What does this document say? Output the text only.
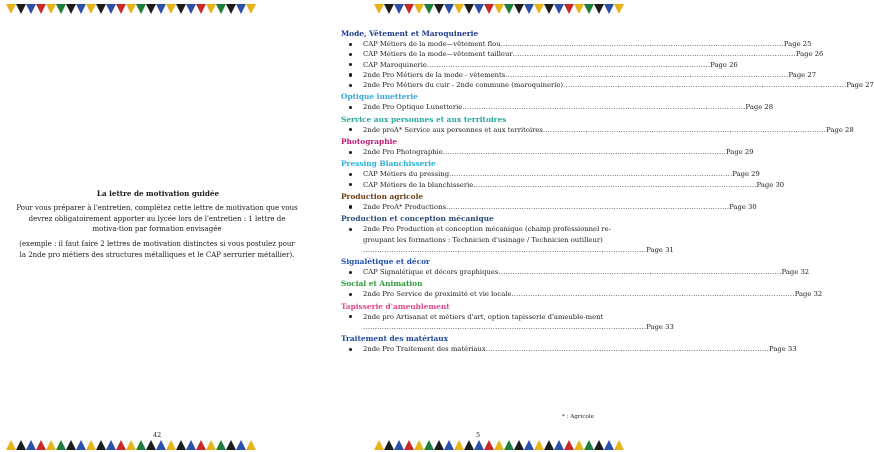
La lettre de motivation guidée

Pour vous préparer à l'entretien, complétez cette lettre de motivation que vous devrez obligatoirement apporter au lycée lors de l'entretien : 1 lettre de motiva-tion par formation envisagée

(exemple : il faut faire 2 lettres de motivation distinctes si vous postulez pour la 2nde pro métiers des structures métalliques et le CAP serrurier métallier).

42
Mode, Vêtement et Maroquinerie
CAP Métiers de la mode—vêtement flou ........................................................................................................................ Page 25
CAP Métiers de la mode—vêtement tailleur ........................................................................................................................ Page 26
CAP Maroquinerie ........................................................................................................................ Page 26
2nde Pro Métiers de la mode - vêtements ........................................................................................................................ Page 27
2nde Pro Métiers du cuir - 2nde commune (maroquinerie) ........................................................................................................................ Page 27
Optique lunetterie
2nde Pro Optique Lunetterie ........................................................................................................................ Page 28
Service aux personnes et aux territoires
2nde proA* Service aux personnes et aux territoires ........................................................................................................................ Page 28
Photographie
2nde Pro Photographie ........................................................................................................................ Page 29
Pressing Blanchisserie
CAP Métiers du pressing ........................................................................................................................ Page 29
CAP Métiers de la blanchisserie ........................................................................................................................ Page 30
Production agricole
2nde ProA* Productions ........................................................................................................................ Page 30
Production et conception mécanique
2nde Pro Production et conception mécanique (champ professionnel re-groupant les formations : Technicien d'usinage / Technicien outilleur)
........................................................................................................................ Page 31
Signalétique et décor
CAP Signalétique et décors graphiques ........................................................................................................................ Page 32
Social et Animation
2nde Pro Service de proximité et vie locale ........................................................................................................................ Page 32
Tapisserie d'ameublement
2nde pro Artisanat et métiers d'art, option tapisserie d'ameuble-ment
........................................................................................................................ Page 33
Traitement des matériaux
2nde Pro Traitement des matériaux ........................................................................................................................ Page 33
* : Agricole
5
